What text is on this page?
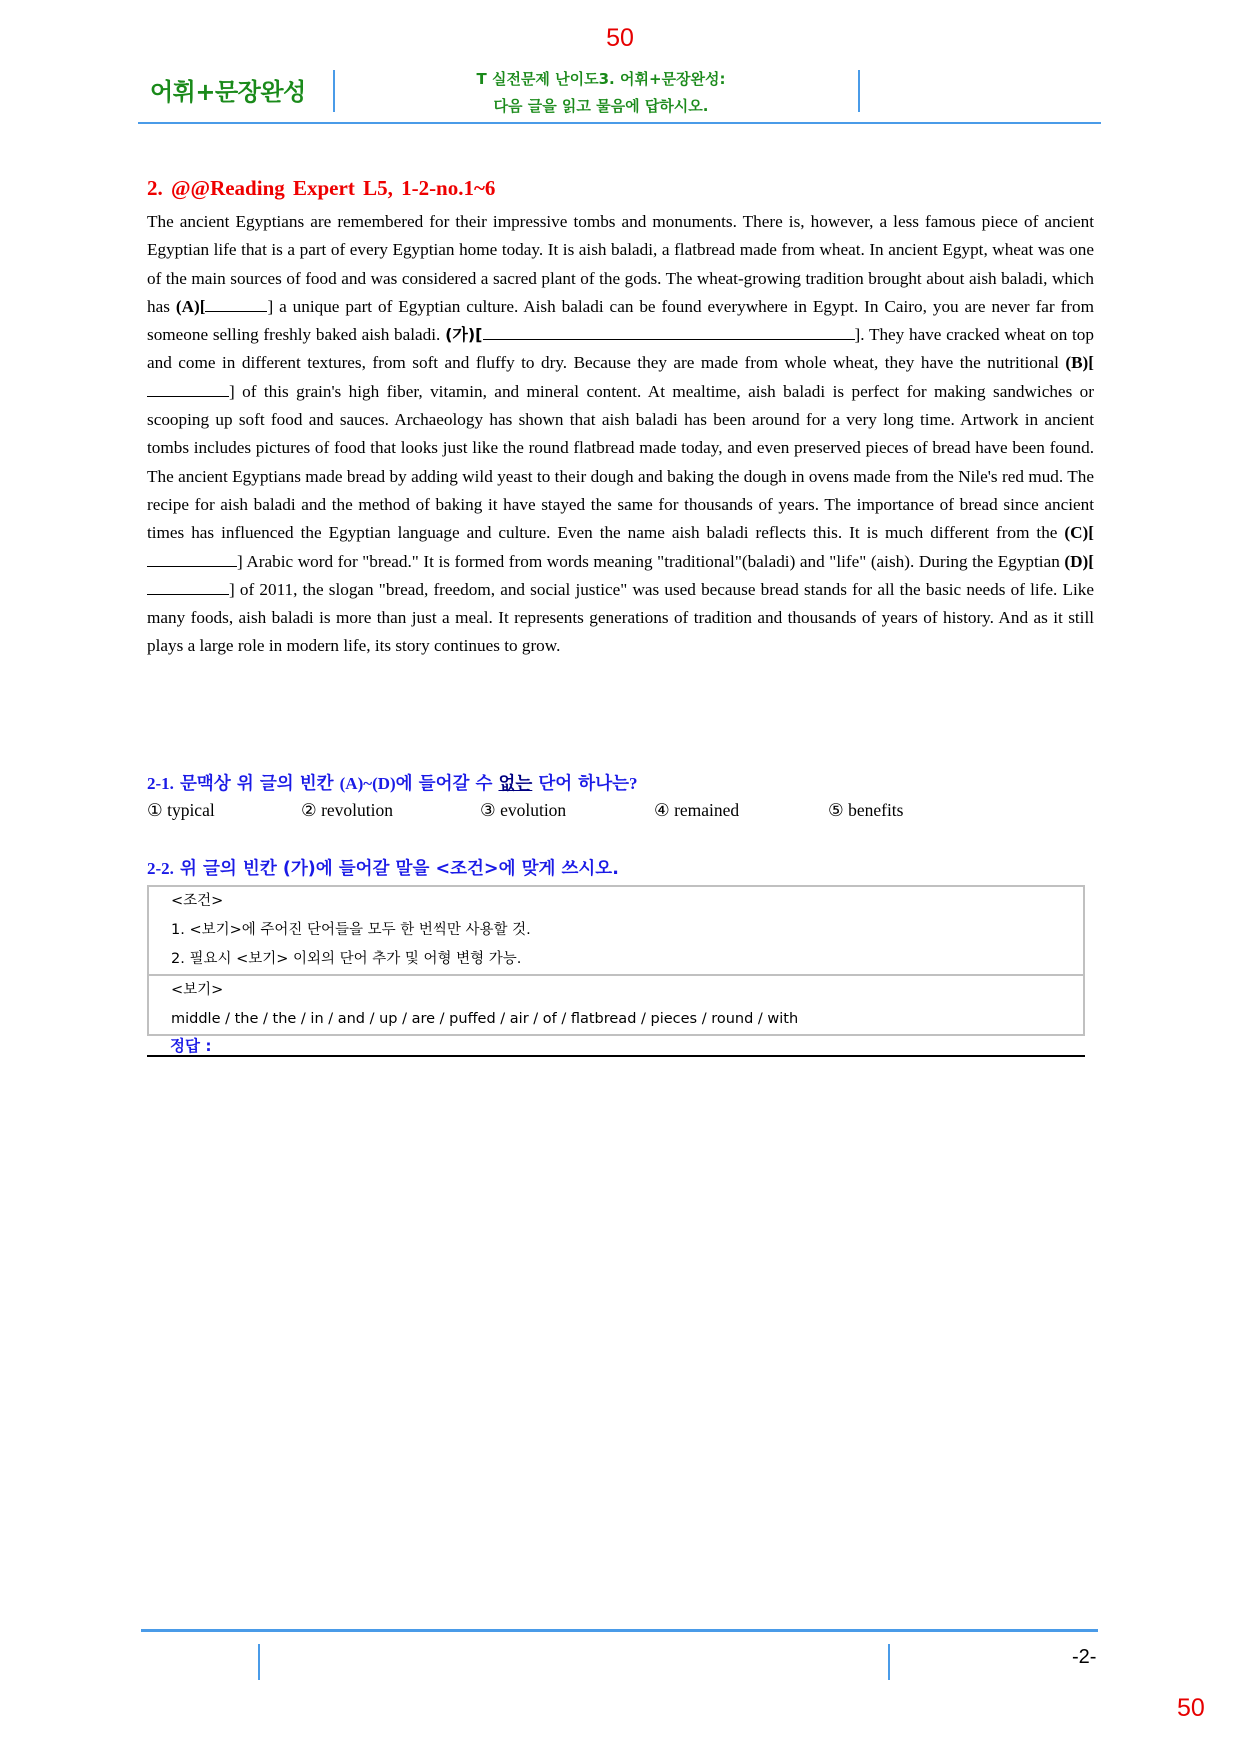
50
어휘+문장완성	T 실전문제 난이도3. 어휘+문장완성:
다음 글을 읽고 물음에 답하시오.
2. @@Reading Expert L5, 1-2-no.1~6

The ancient Egyptians are remembered for their impressive tombs and monuments. There is, however, a less famous piece of ancient Egyptian life that is a part of every Egyptian home today. It is aish baladi, a flatbread made from wheat. In ancient Egypt, wheat was one of the main sources of food and was considered a sacred plant of the gods. The wheat-growing tradition brought about aish baladi, which has (A)[	] a unique part of Egyptian culture. Aish baladi can be found everywhere in Egypt. In Cairo, you are never far from someone selling freshly baked aish baladi. (가)[	]. They have cracked wheat on top and come in different textures, from soft and fluffy to dry. Because they are made from whole wheat, they have the nutritional (B)[] of this grain's high fiber, vitamin, and mineral content. At mealtime, aish baladi is perfect for making sandwiches or scooping up soft food and sauces. Archaeology has shown that aish baladi has been around for a very long time. Artwork in ancient tombs includes pictures of food that looks just like the round flatbread made today, and even preserved pieces of bread have been found. The ancient Egyptians made bread by adding wild yeast to their dough and baking the dough in ovens made from the Nile's red mud. The recipe for aish baladi and the method of baking it have stayed the same for thousands of years. The importance of bread since ancient times has influenced the Egyptian language and culture. Even the name aish baladi reflects this. It is much different from the (C)[] Arabic word for "bread." It is formed from words meaning "traditional"(baladi) and "life" (aish). During the Egyptian (D)[] of 2011, the slogan "bread, freedom, and social justice" was used because bread stands for all the basic needs of life. Like many foods, aish baladi is more than just a meal. It represents generations of tradition and thousands of years of history. And as it still plays a large role in modern life, its story continues to grow.

2-1. 문맥상 위 글의 빈칸 (A)~(D)에 들어갈 수 없는 단어 하나는?
① typical	② revolution	③ evolution	④ remained	⑤ benefits
2-2. 위 글의 빈칸 (가)에 들어갈 말을 <조건>에 맞게 쓰시오.
<조건>
1. <보기>에 주어진 단어들을 모두 한 번씩만 사용할 것.
2. 필요시 <보기> 이외의 단어 추가 및 어형 변형 가능.
<보기>
middle / the / the / in / and / up / are / puffed / air / of / flatbread / pieces / round / with
정답 :
-2-
50
